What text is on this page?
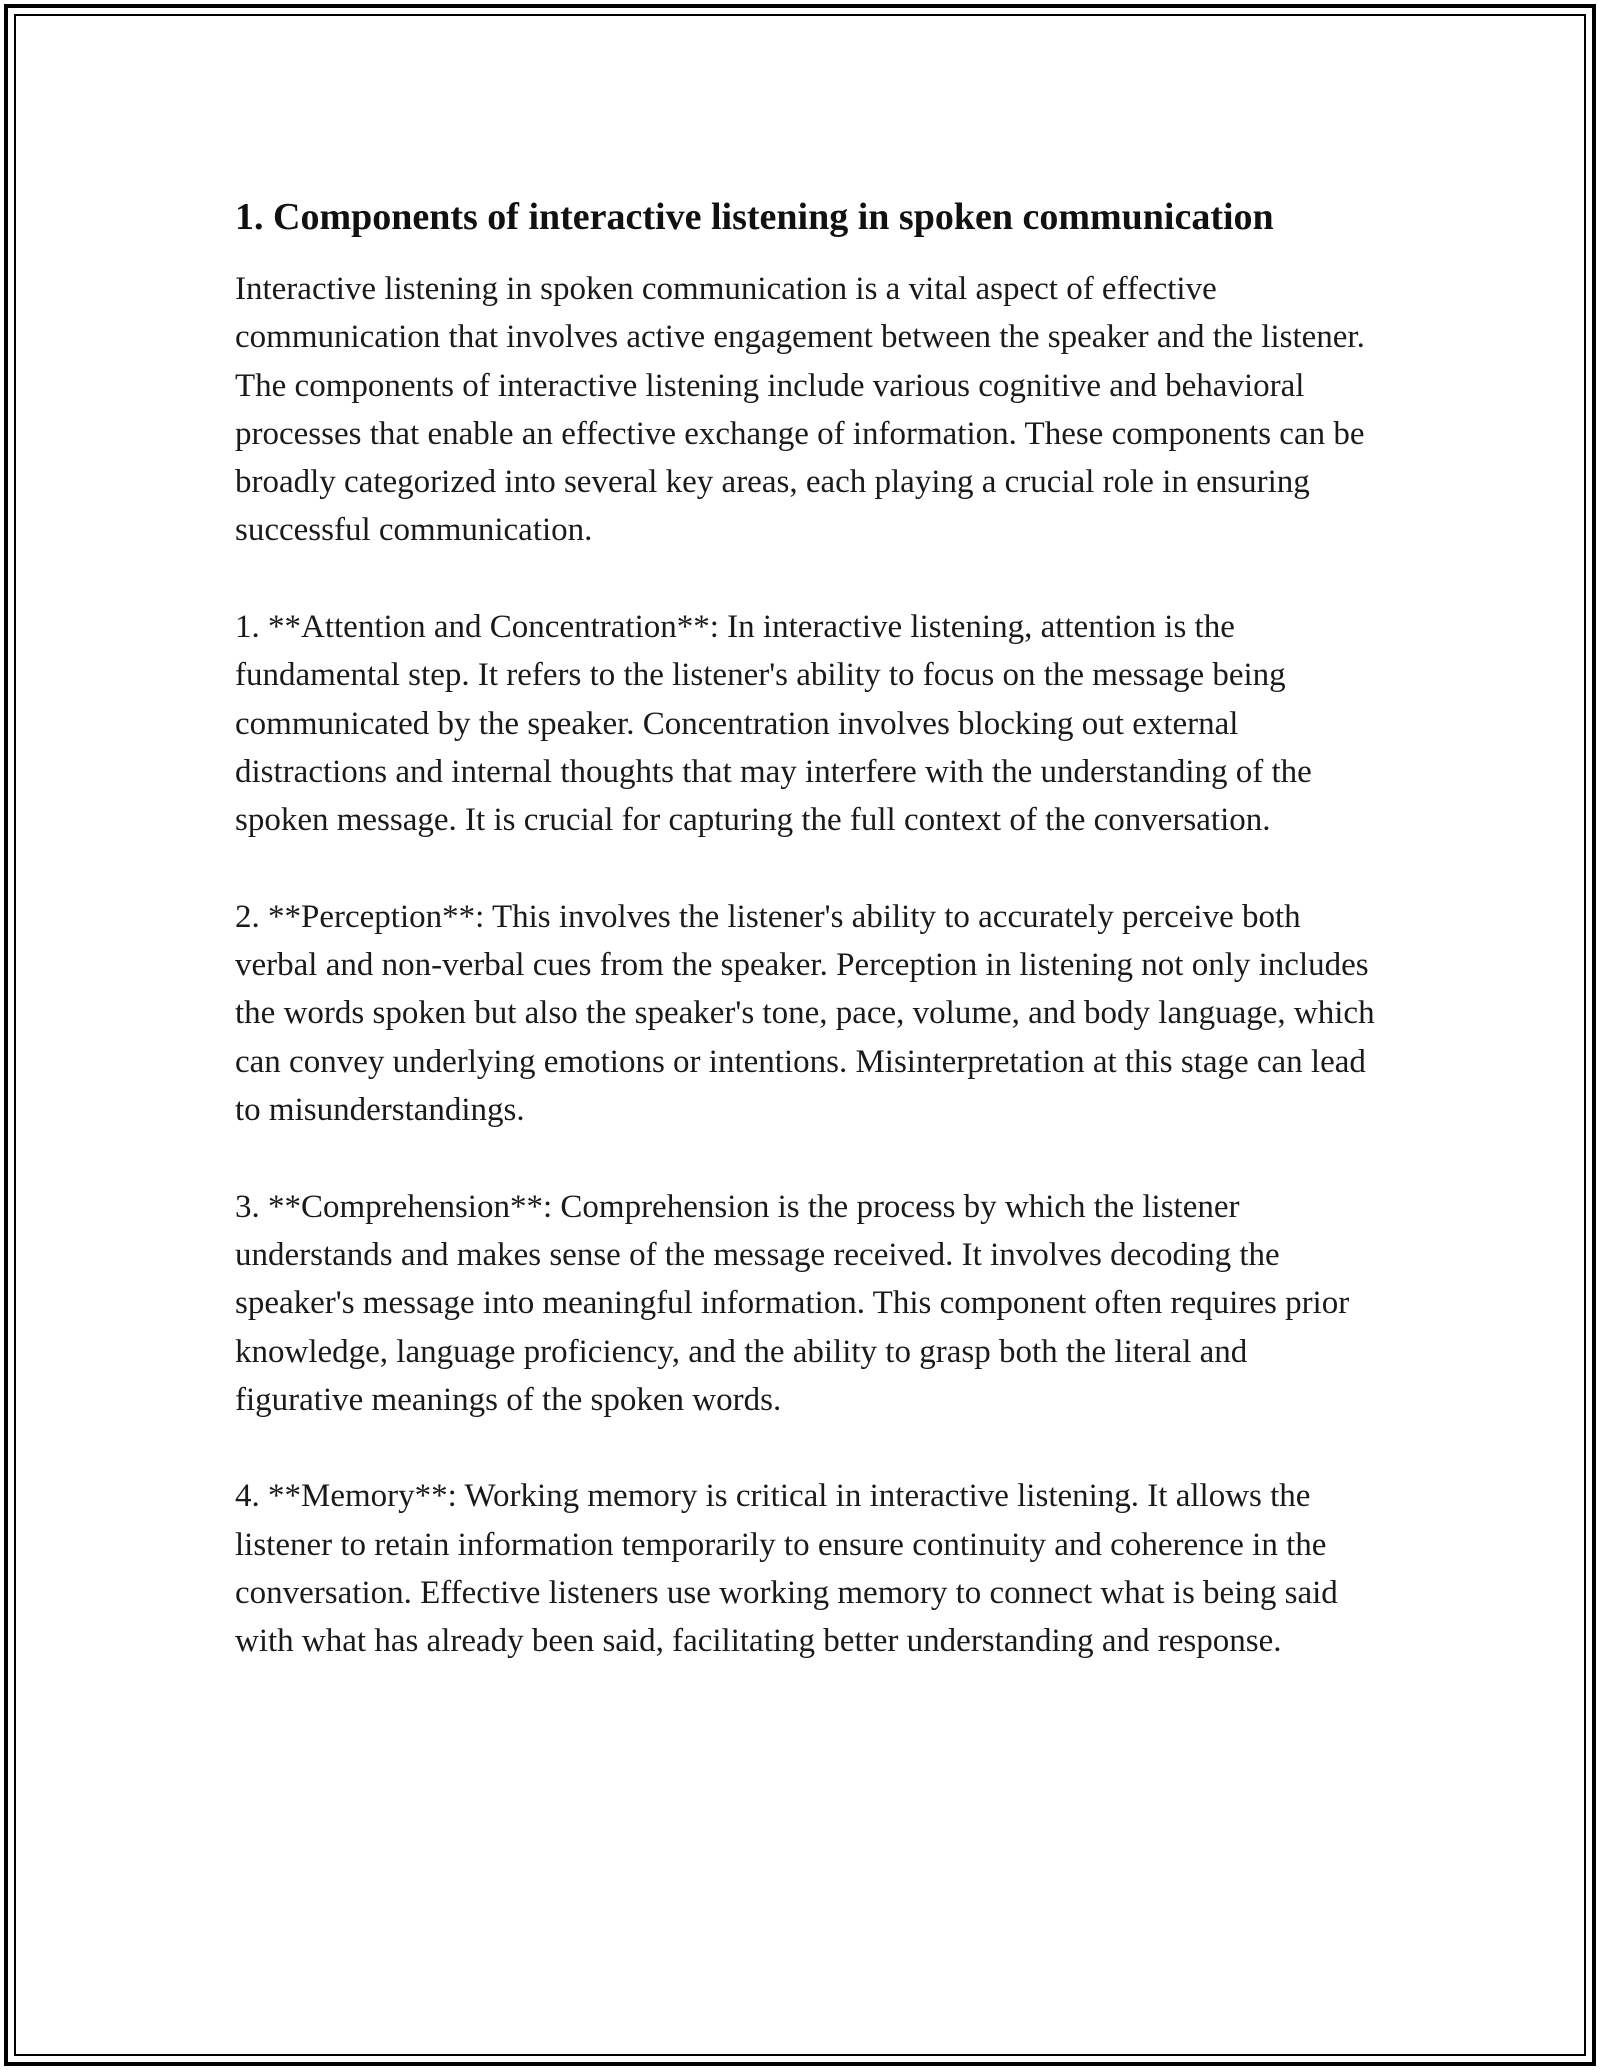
1. Components of interactive listening in spoken communication

Interactive listening in spoken communication is a vital aspect of effective communication that involves active engagement between the speaker and the listener. The components of interactive listening include various cognitive and behavioral processes that enable an effective exchange of information. These components can be broadly categorized into several key areas, each playing a crucial role in ensuring successful communication.

1. **Attention and Concentration**: In interactive listening, attention is the fundamental step. It refers to the listener's ability to focus on the message being communicated by the speaker. Concentration involves blocking out external distractions and internal thoughts that may interfere with the understanding of the spoken message. It is crucial for capturing the full context of the conversation.

2. **Perception**: This involves the listener's ability to accurately perceive both verbal and non-verbal cues from the speaker. Perception in listening not only includes the words spoken but also the speaker's tone, pace, volume, and body language, which can convey underlying emotions or intentions. Misinterpretation at this stage can lead to misunderstandings.

3. **Comprehension**: Comprehension is the process by which the listener understands and makes sense of the message received. It involves decoding the speaker's message into meaningful information. This component often requires prior knowledge, language proficiency, and the ability to grasp both the literal and figurative meanings of the spoken words.

4. **Memory**: Working memory is critical in interactive listening. It allows the listener to retain information temporarily to ensure continuity and coherence in the conversation. Effective listeners use working memory to connect what is being said with what has already been said, facilitating better understanding and response.
